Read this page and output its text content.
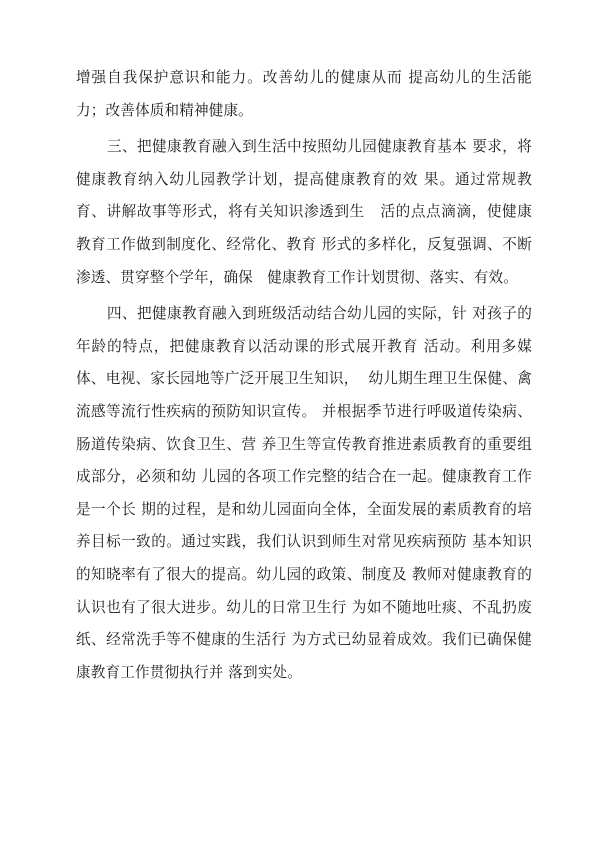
增强自我保护意识和能力。改善幼儿的健康从而 提高幼儿的生活能力；改善体质和精神健康。

三、把健康教育融入到生活中按照幼儿园健康教育基本 要求，将健康教育纳入幼儿园教学计划，提高健康教育的效 果。通过常规教育、讲解故事等形式，将有关知识渗透到生   活的点点滴滴，使健康教育工作做到制度化、经常化、教育 形式的多样化，反复强调、不断渗透、贯穿整个学年，确保   健康教育工作计划贯彻、落实、有效。

四、把健康教育融入到班级活动结合幼儿园的实际，针 对孩子的年龄的特点，把健康教育以活动课的形式展开教育 活动。利用多媒体、电视、家长园地等广泛开展卫生知识，  幼儿期生理卫生保健、禽流感等流行性疾病的预防知识宣传。 并根据季节进行呼吸道传染病、肠道传染病、饮食卫生、营 养卫生等宣传教育推进素质教育的重要组成部分，必须和幼 儿园的各项工作完整的结合在一起。健康教育工作是一个长 期的过程，是和幼儿园面向全体，全面发展的素质教育的培 养目标一致的。通过实践，我们认识到师生对常见疾病预防 基本知识的知晓率有了很大的提高。幼儿园的政策、制度及 教师对健康教育的认识也有了很大进步。幼儿的日常卫生行 为如不随地吐痰、不乱扔废纸、经常洗手等不健康的生活行 为方式已幼显着成效。我们已确保健康教育工作贯彻执行并 落到实处。
